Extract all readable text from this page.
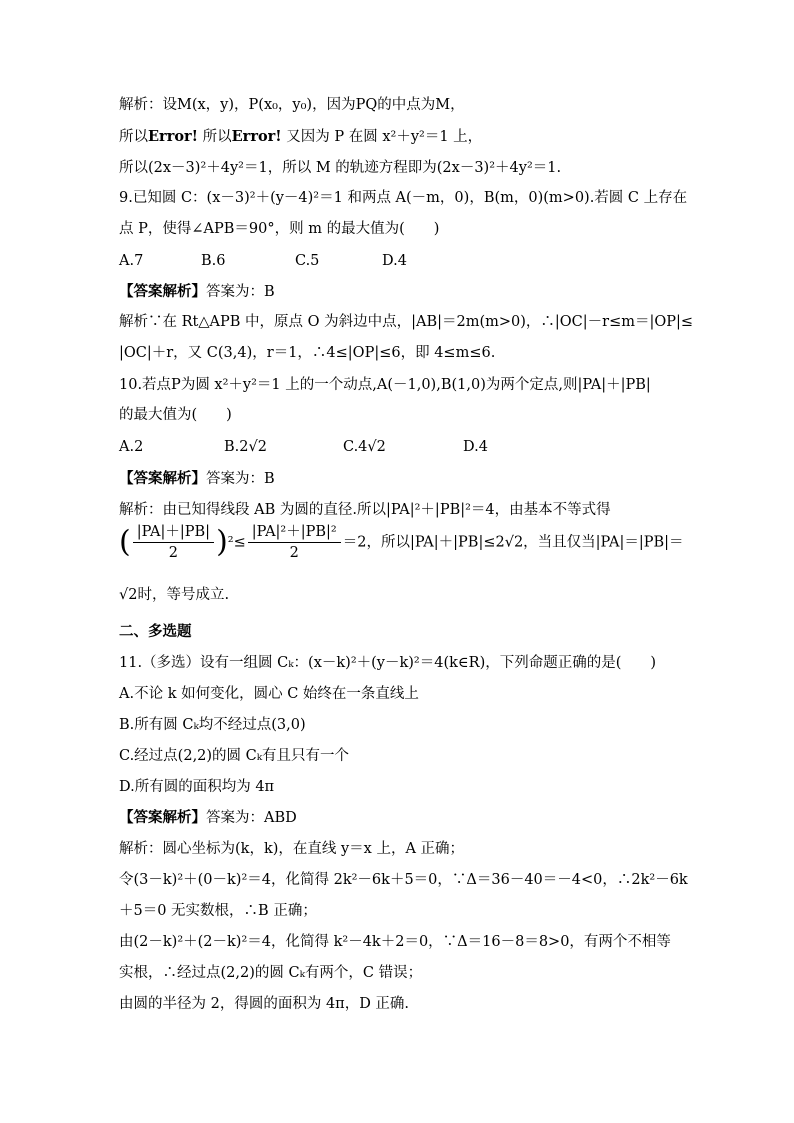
解析：设M(x，y)，P(x₀，y₀)，因为PQ的中点为M，
所以Error! 所以Error! 又因为 P 在圆 x²＋y²＝1 上，
所以(2x－3)²＋4y²＝1，所以 M 的轨迹方程即为(2x－3)²＋4y²＝1.
9.已知圆 C：(x－3)²＋(y－4)²＝1 和两点 A(－m，0)，B(m，0)(m>0).若圆 C 上存在
点 P，使得∠APB＝90°，则 m 的最大值为(　　)
A.7	B.6	C.5	D.4
【答案解析】答案为：B
解析∵在 Rt△APB 中，原点 O 为斜边中点，|AB|＝2m(m>0)，∴|OC|－r≤m＝|OP|≤
|OC|＋r，又 C(3,4)，r＝1，∴4≤|OP|≤6，即 4≤m≤6.
10.若点P为圆 x²＋y²＝1 上的一个动点,A(－1,0),B(1,0)为两个定点,则|PA|＋|PB|
的最大值为(　　)
A.2	B.2√2	C.4√2	D.4
【答案解析】答案为：B
解析：由已知得线段 AB 为圆的直径.所以|PA|²＋|PB|²＝4，由基本不等式得
( $\frac{|PA|+|PB|}{2} )^2\le \frac{\text{|PA|²＋|PB|²}}{2} =2$，所以|PA|＋|PB|≤2√2，当且仅当|PA|＝|PB|＝
√2时，等号成立.
二、多选题
11.（多选）设有一组圆 Cₖ：(x－k)²＋(y－k)²＝4(k∈R)，下列命题正确的是(　　)
A.不论 k 如何变化，圆心 C 始终在一条直线上
B.所有圆 Cₖ均不经过点(3,0)
C.经过点(2,2)的圆 Cₖ有且只有一个
D.所有圆的面积均为 4π
【答案解析】答案为：ABD
解析：圆心坐标为(k，k)，在直线 y＝x 上，A 正确；
令(3－k)²＋(0－k)²＝4，化简得 2k²－6k＋5＝0，∵Δ＝36－40＝－4<0，∴2k²－6k
＋5＝0 无实数根，∴B 正确；
由(2－k)²＋(2－k)²＝4，化简得 k²－4k＋2＝0，∵Δ＝16－8＝8>0，有两个不相等
实根，∴经过点(2,2)的圆 Cₖ有两个，C 错误；
由圆的半径为 2，得圆的面积为 4π，D 正确.
